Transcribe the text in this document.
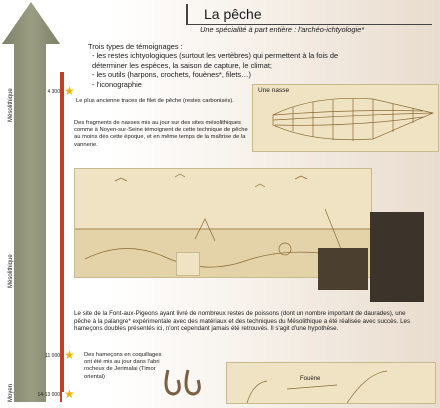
Mésolithique
Mésolithique
Moyen
4 300
11 000
14-13 000
★
★
★
La pêche
Une spécialité à part entière : l'archéo-ichtyologie*
Trois types de témoignages :
- les restes ichtyologiques (surtout les vertèbres) qui permettent à la fois de déterminer les espèces, la saison de capture, le climat;
- les outils (harpons, crochets, fouènes*, filets…)
- l'iconographie
Le plus ancienne traces de filet de pêche (restes carbonisés).
Une nasse
Des fragments de nasses mis au jour sur des sites mésolithiques comme à Noyen-sur-Seine témoignent de cette technique de pêche au moins dès cette époque, et en même temps de la maîtrise de la vannerie.
Le site de la Font-aux-Pigeons ayant livré de nombreux restes de poissons (dont un nombre important de daurades), une pêche à la palangre* expérimentale avec des matériaux et des techniques du Mésolithique a été réalisée avec succès. Les hameçons doubles présentés ici, n'ont cependant jamais été retrouvés. Il s'agit d'une hypothèse.
Des hameçons en coquillages ont été mis au jour dans l'abri rocheux de Jerimalai (Timor oriental)	Fouène
